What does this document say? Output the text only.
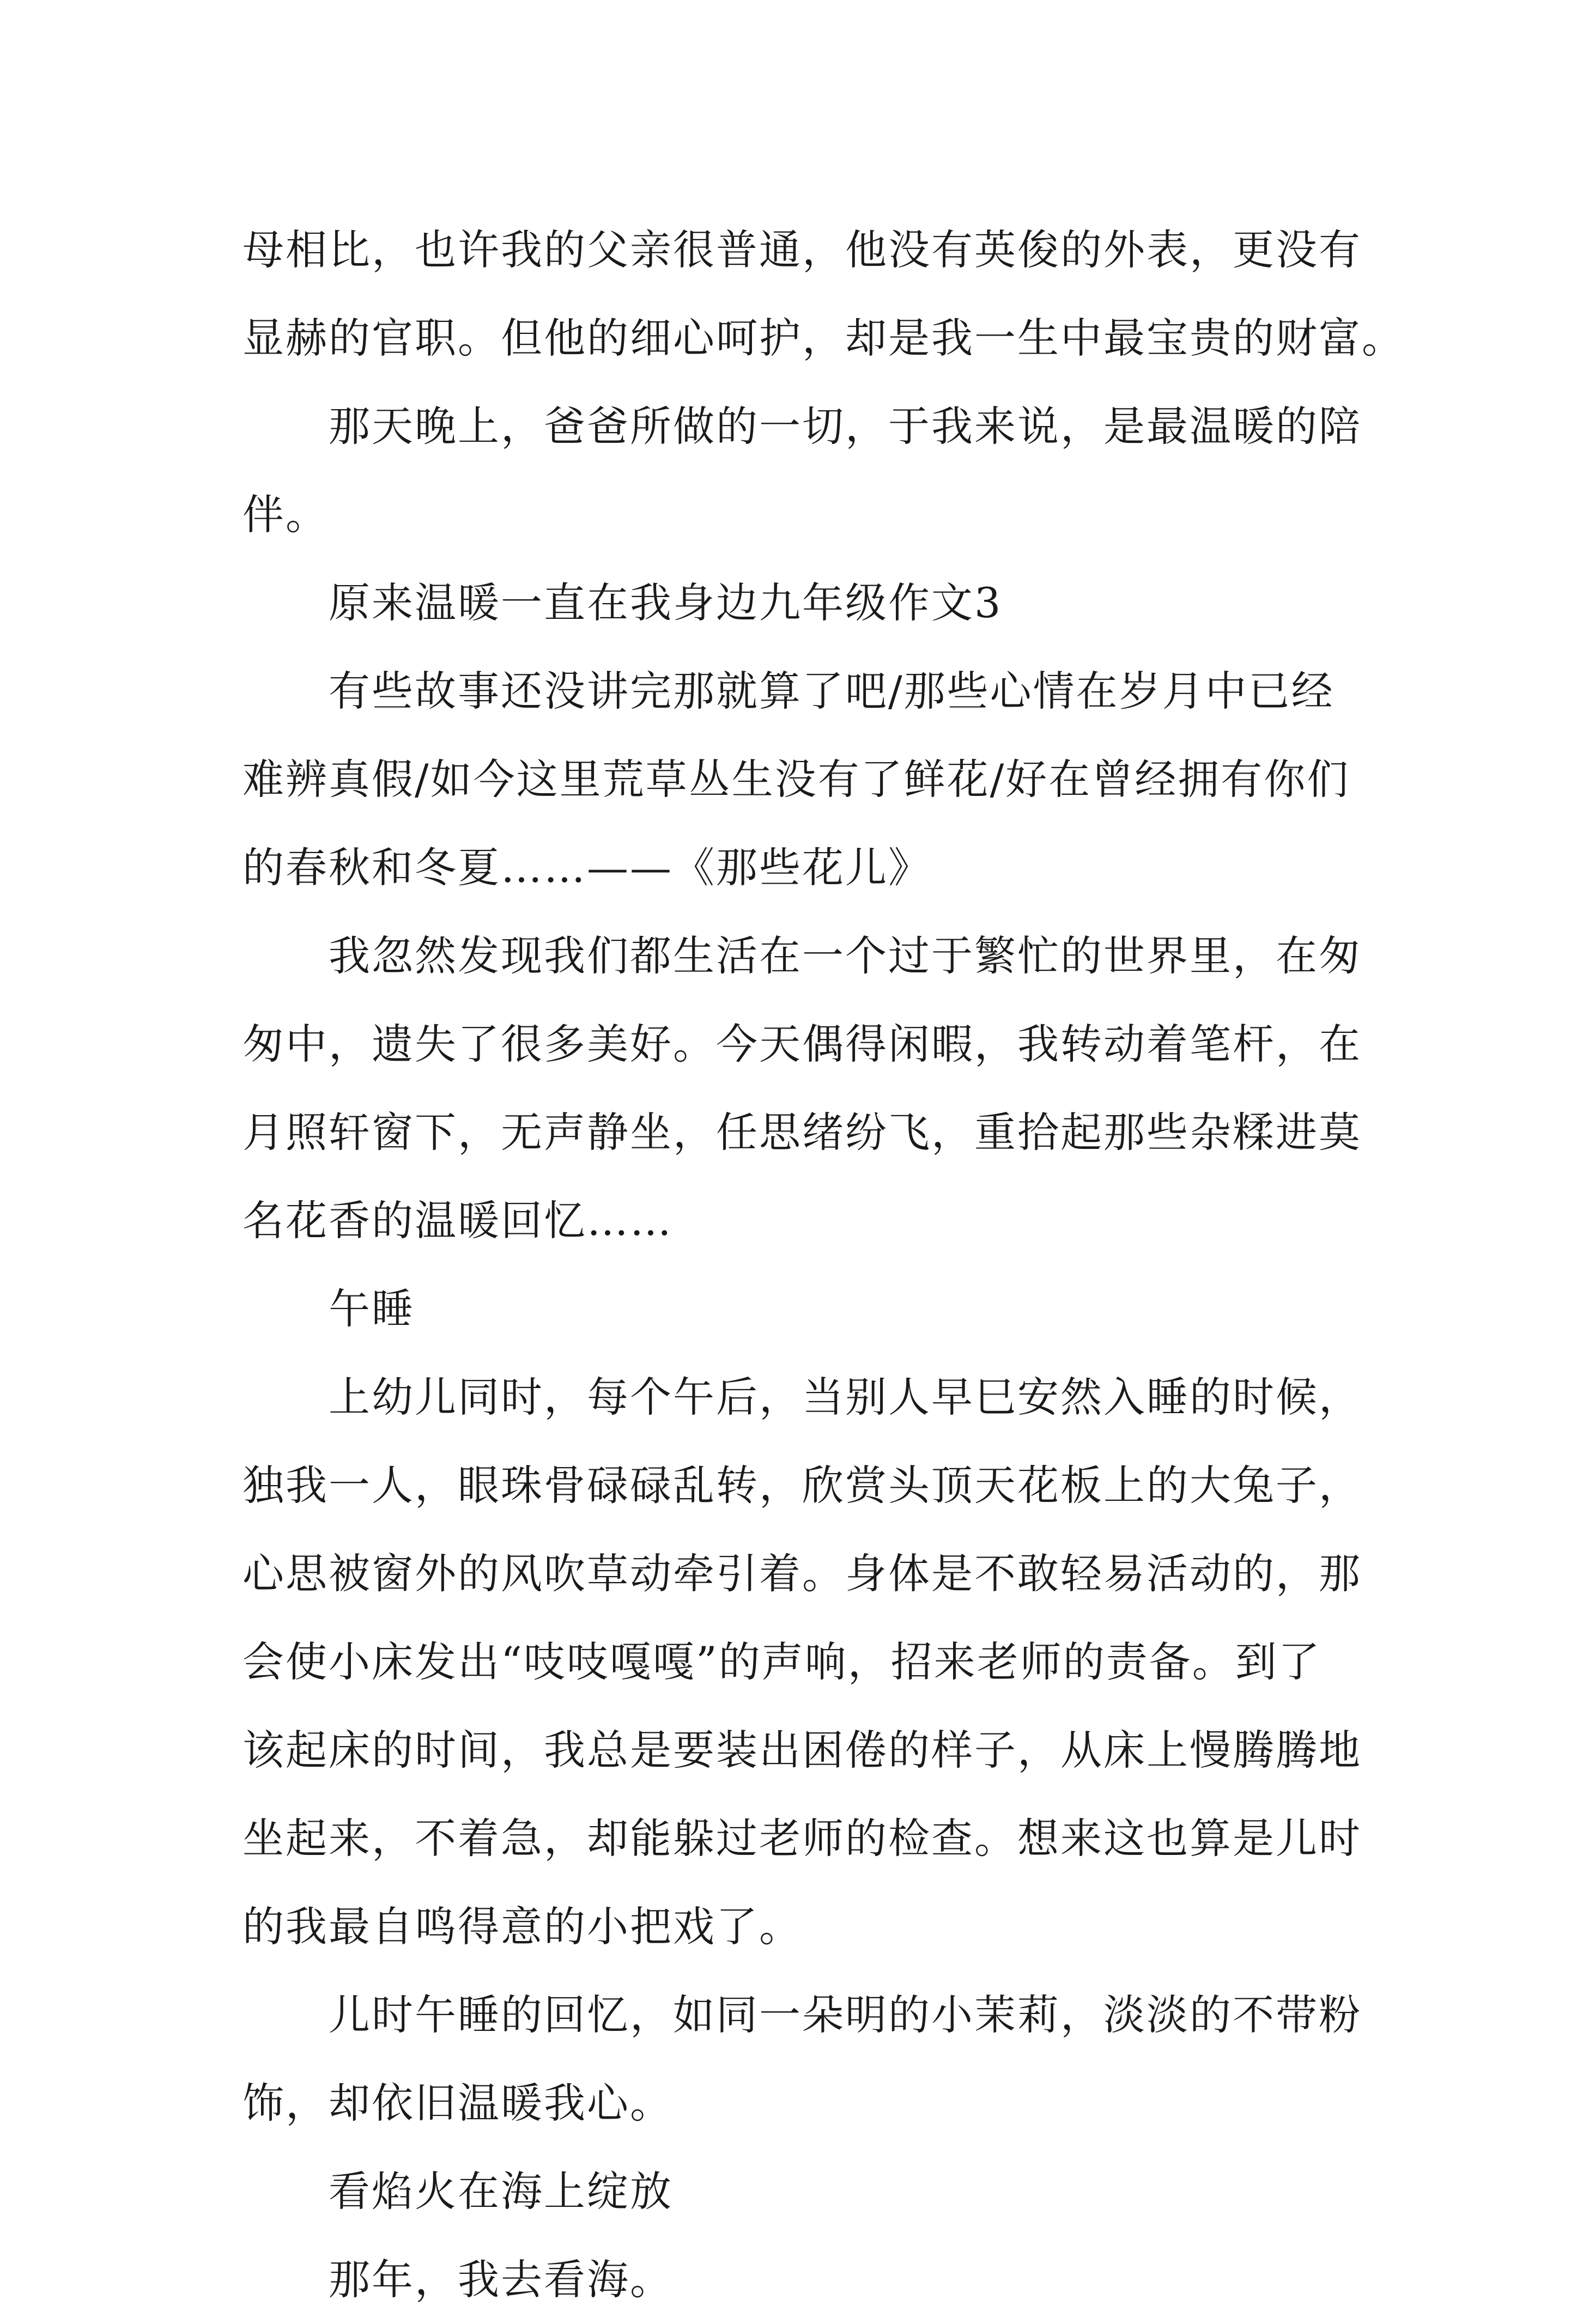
母相比，也许我的父亲很普通，他没有英俊的外表，更没有
显赫的官职。但他的细心呵护，却是我一生中最宝贵的财富。
那天晚上，爸爸所做的一切，于我来说，是最温暖的陪
伴。
原来温暖一直在我身边九年级作文3
有些故事还没讲完那就算了吧/那些心情在岁月中已经
难辨真假/如今这里荒草丛生没有了鲜花/好在曾经拥有你们
的春秋和冬夏……——《那些花儿》
我忽然发现我们都生活在一个过于繁忙的世界里，在匆
匆中，遗失了很多美好。今天偶得闲暇，我转动着笔杆，在
月照轩窗下，无声静坐，任思绪纷飞，重拾起那些杂糅进莫
名花香的温暖回忆……
午睡
上幼儿同时，每个午后，当别人早巳安然入睡的时候，
独我一人，眼珠骨碌碌乱转，欣赏头顶天花板上的大兔子，
心思被窗外的风吹草动牵引着。身体是不敢轻易活动的，那
会使小床发出“吱吱嘎嘎”的声响，招来老师的责备。到了
该起床的时间，我总是要装出困倦的样子，从床上慢腾腾地
坐起来，不着急，却能躲过老师的检查。想来这也算是儿时
的我最自鸣得意的小把戏了。
儿时午睡的回忆，如同一朵明的小茉莉，淡淡的不带粉
饰，却依旧温暖我心。
看焰火在海上绽放
那年，我去看海。
